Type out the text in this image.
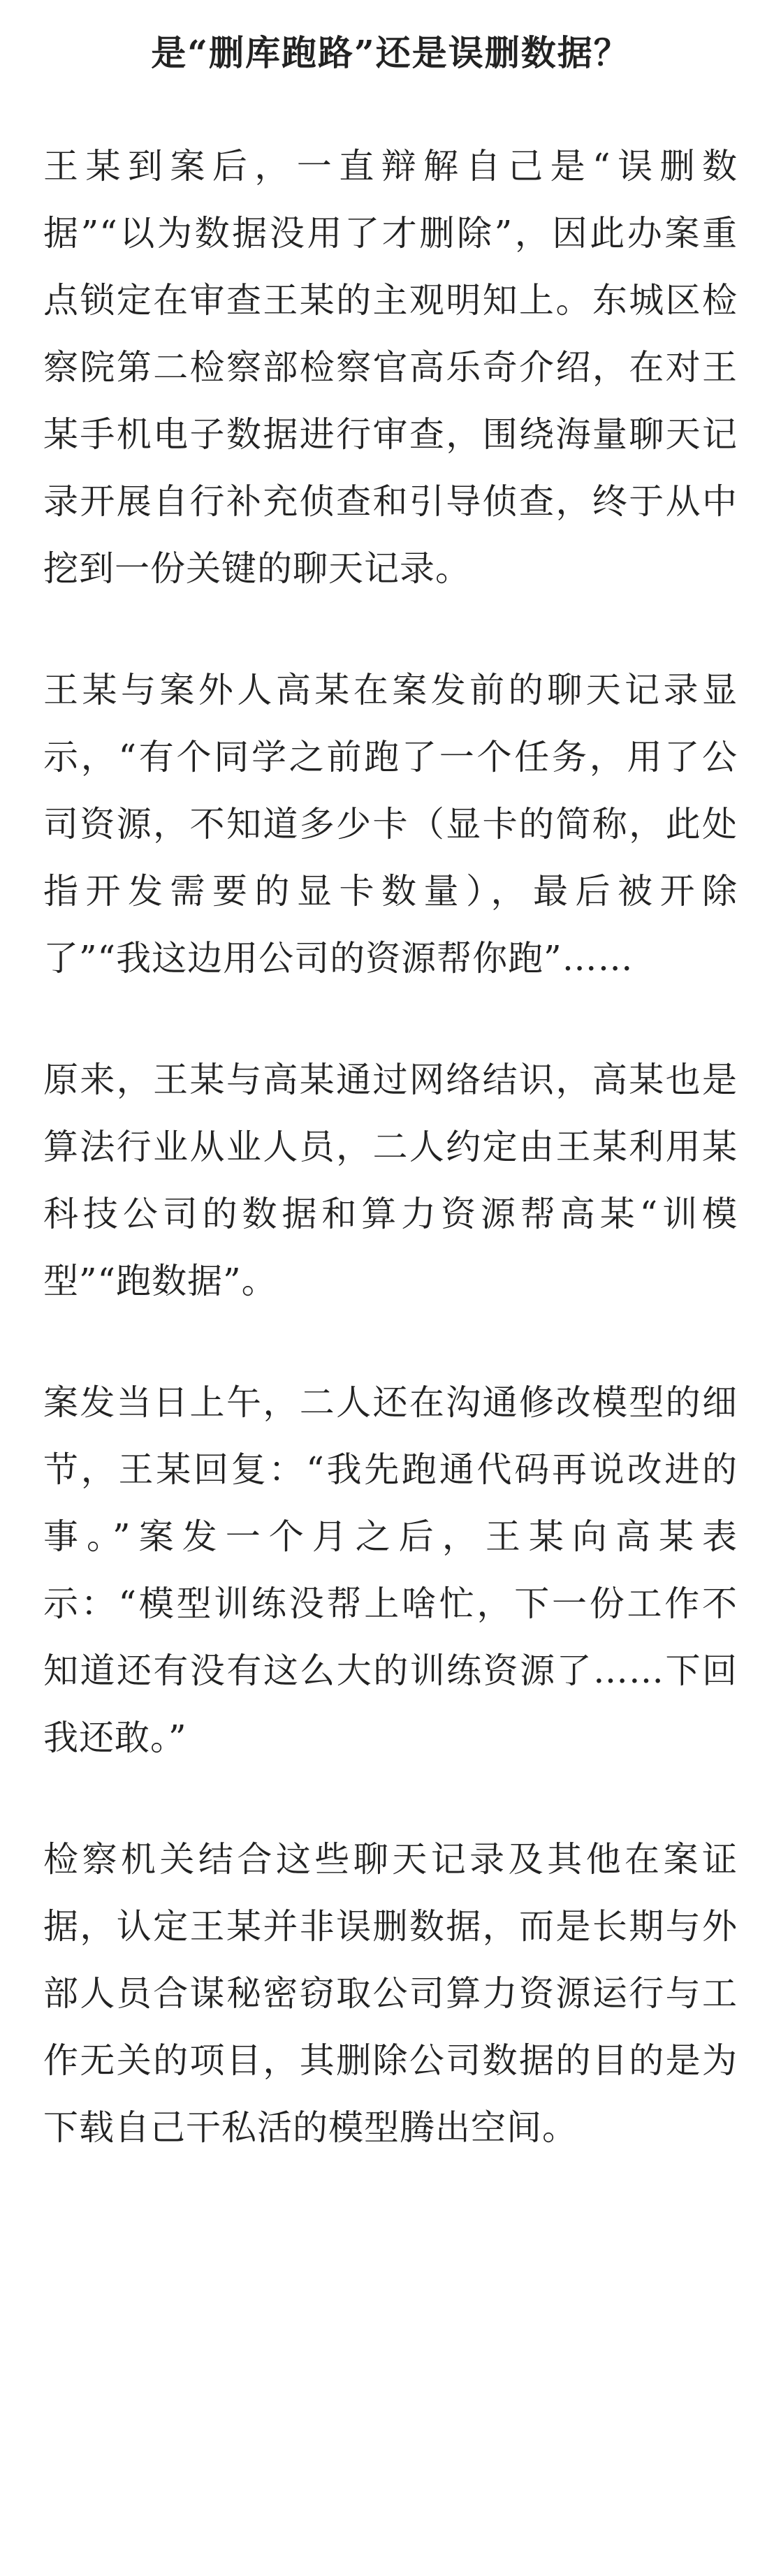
是“删库跑路”还是误删数据？

王某到案后，一直辩解自己是“误删数据”“以为数据没用了才删除”，因此办案重点锁定在审查王某的主观明知上。东城区检察院第二检察部检察官高乐奇介绍，在对王某手机电子数据进行审查，围绕海量聊天记录开展自行补充侦查和引导侦查，终于从中挖到一份关键的聊天记录。

王某与案外人高某在案发前的聊天记录显示，“有个同学之前跑了一个任务，用了公司资源，不知道多少卡（显卡的简称，此处指开发需要的显卡数量），最后被开除了”“我这边用公司的资源帮你跑”……

原来，王某与高某通过网络结识，高某也是算法行业从业人员，二人约定由王某利用某科技公司的数据和算力资源帮高某“训模型”“跑数据”。

案发当日上午，二人还在沟通修改模型的细节，王某回复：“我先跑通代码再说改进的事。”案发一个月之后，王某向高某表示：“模型训练没帮上啥忙，下一份工作不知道还有没有这么大的训练资源了……下回我还敢。”

检察机关结合这些聊天记录及其他在案证据，认定王某并非误删数据，而是长期与外部人员合谋秘密窃取公司算力资源运行与工作无关的项目，其删除公司数据的目的是为下载自己干私活的模型腾出空间。
